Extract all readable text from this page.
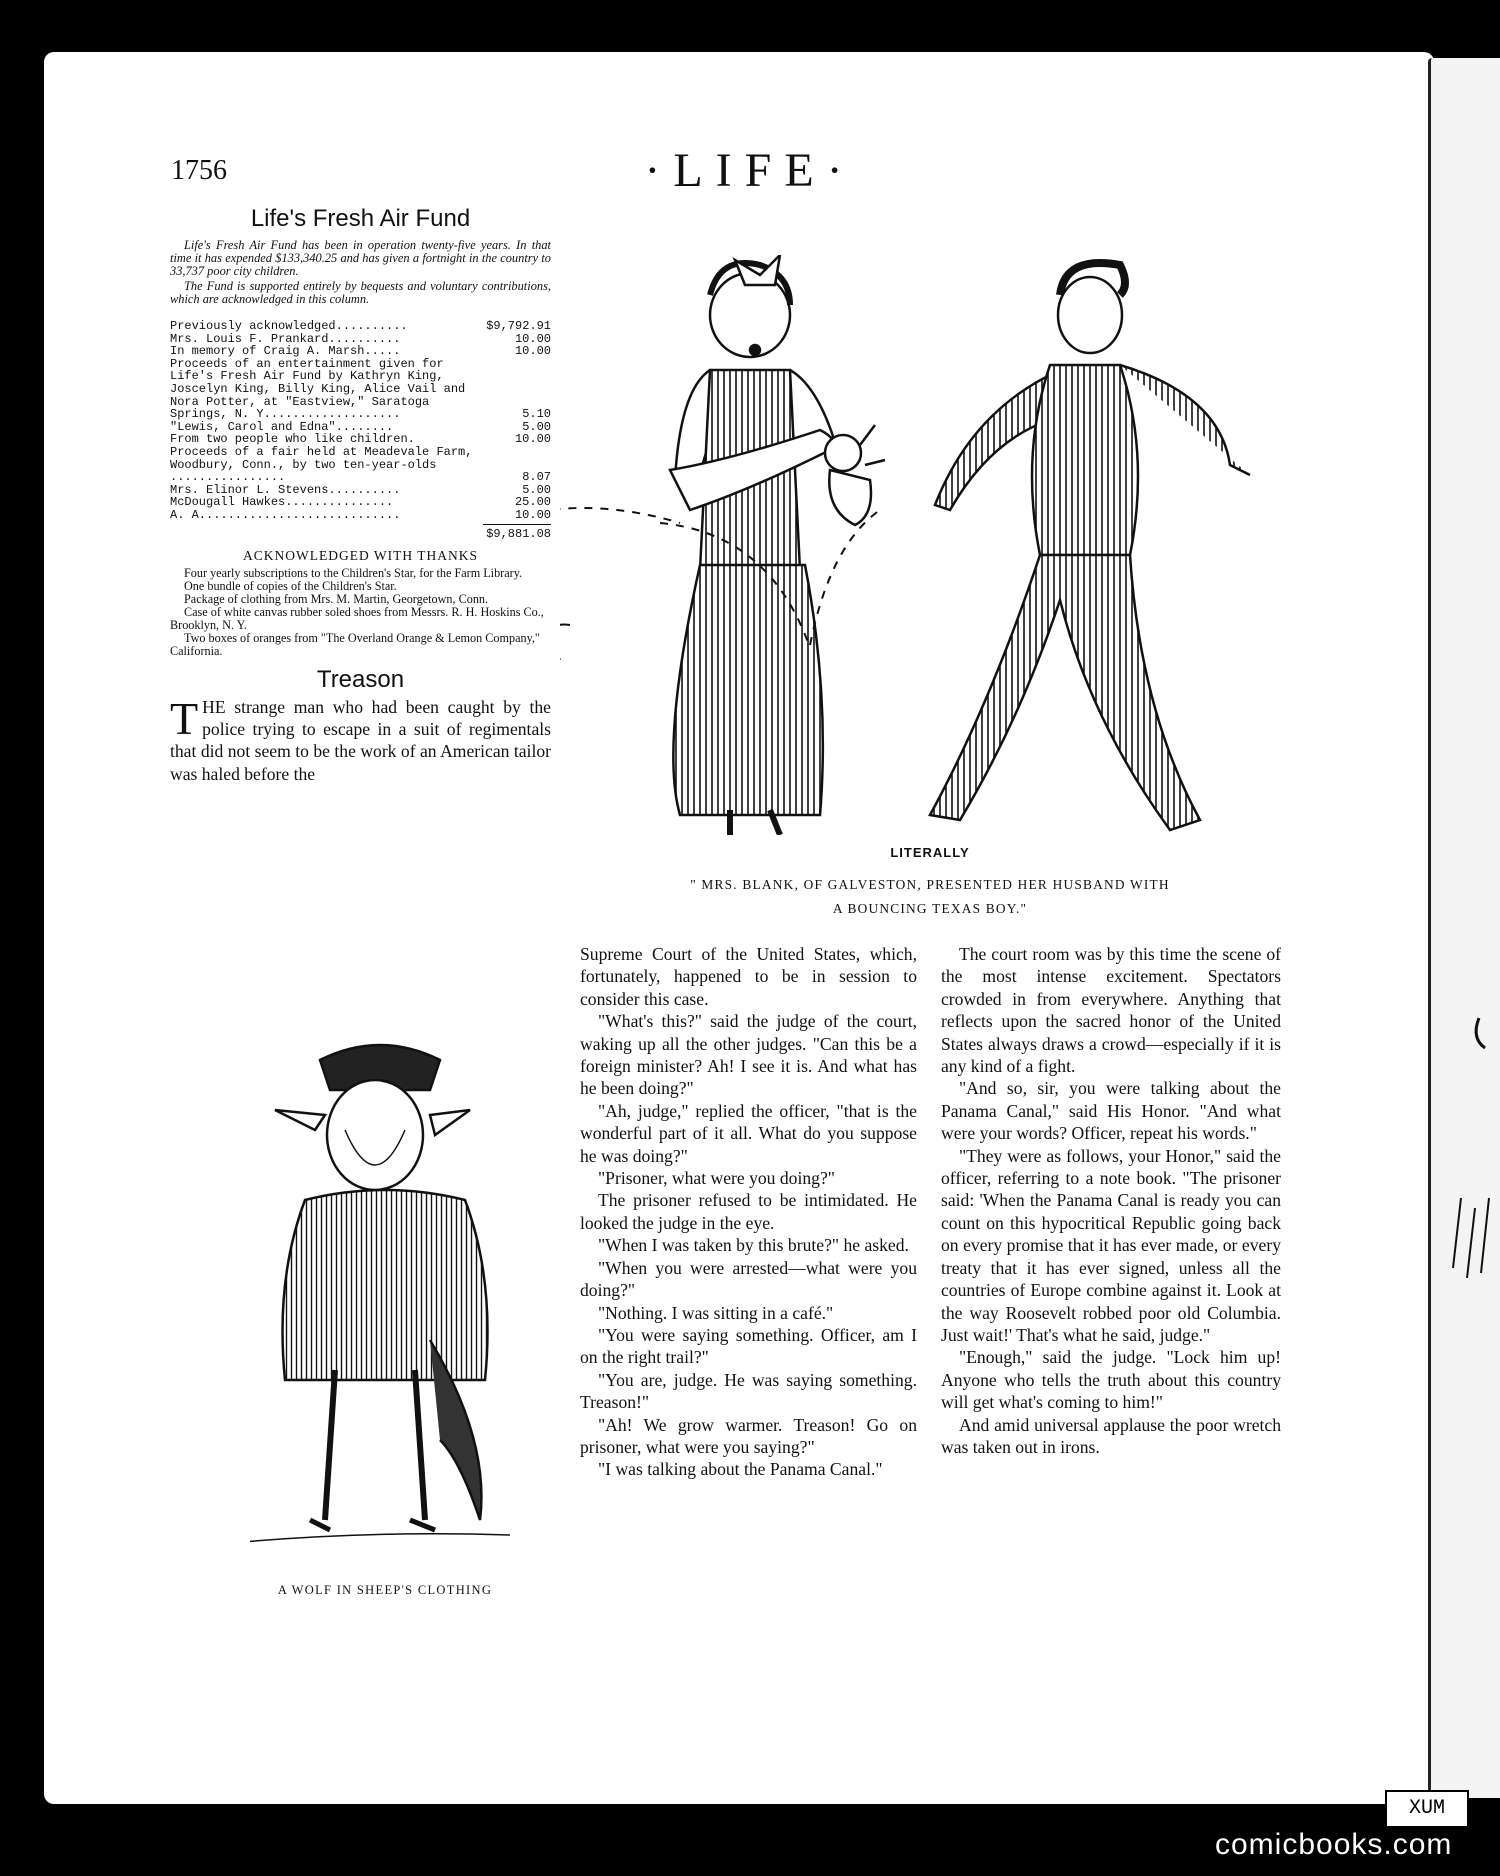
1756	·LIFE·
Life's Fresh Air Fund

Life's Fresh Air Fund has been in operation twenty-five years. In that time it has expended $133,340.25 and has given a fortnight in the country to 33,737 poor city children.

The Fund is supported entirely by bequests and voluntary contributions, which are acknowledged in this column.

Previously acknowledged..........	$9,792.91
Mrs. Louis F. Prankard..........	10.00
In memory of Craig A. Marsh.....	10.00
Proceeds of an entertainment given for Life's Fresh Air Fund by Kathryn King, Joscelyn King, Billy King, Alice Vail and Nora Potter, at "Eastview," Saratoga Springs, N. Y...................	5.10
"Lewis, Carol and Edna"........	5.00
From two people who like children.	10.00
Proceeds of a fair held at Meadevale Farm, Woodbury, Conn., by two ten-year-olds ................	8.07
Mrs. Elinor L. Stevens..........	5.00
McDougall Hawkes...............	25.00
A. A............................	10.00
$9,881.08
ACKNOWLEDGED WITH THANKS

Four yearly subscriptions to the Children's Star, for the Farm Library.

One bundle of copies of the Children's Star.

Package of clothing from Mrs. M. Martin, Georgetown, Conn.

Case of white canvas rubber soled shoes from Messrs. R. H. Hoskins Co., Brooklyn, N. Y.

Two boxes of oranges from "The Overland Orange & Lemon Company," California.

Treason
THE strange man who had been caught by the police trying to escape in a suit of regimentals that did not seem to be the work of an American tailor was haled before the
LITERALLY
" MRS. BLANK, OF GALVESTON, PRESENTED HER HUSBAND WITH
A BOUNCING TEXAS BOY."
A WOLF IN SHEEP'S CLOTHING

Supreme Court of the United States, which, fortunately, happened to be in session to consider this case.

"What's this?" said the judge of the court, waking up all the other judges. "Can this be a foreign minister? Ah! I see it is. And what has he been doing?"

"Ah, judge," replied the officer, "that is the wonderful part of it all. What do you suppose he was doing?"

"Prisoner, what were you doing?"

The prisoner refused to be intimidated. He looked the judge in the eye.

"When I was taken by this brute?" he asked.

"When you were arrested—what were you doing?"

"Nothing. I was sitting in a café."

"You were saying something. Officer, am I on the right trail?"

"You are, judge. He was saying something. Treason!"

"Ah! We grow warmer. Treason! Go on prisoner, what were you saying?"

"I was talking about the Panama Canal."

The court room was by this time the scene of the most intense excitement. Spectators crowded in from everywhere. Anything that reflects upon the sacred honor of the United States always draws a crowd—especially if it is any kind of a fight.

"And so, sir, you were talking about the Panama Canal," said His Honor. "And what were your words? Officer, repeat his words."

"They were as follows, your Honor," said the officer, referring to a note book. "The prisoner said: 'When the Panama Canal is ready you can count on this hypocritical Republic going back on every promise that it has ever made, or every treaty that it has ever signed, unless all the countries of Europe combine against it. Look at the way Roosevelt robbed poor old Columbia. Just wait!' That's what he said, judge."

"Enough," said the judge. "Lock him up! Anyone who tells the truth about this country will get what's coming to him!"

And amid universal applause the poor wretch was taken out in irons.

XUM
comicbooks.com
